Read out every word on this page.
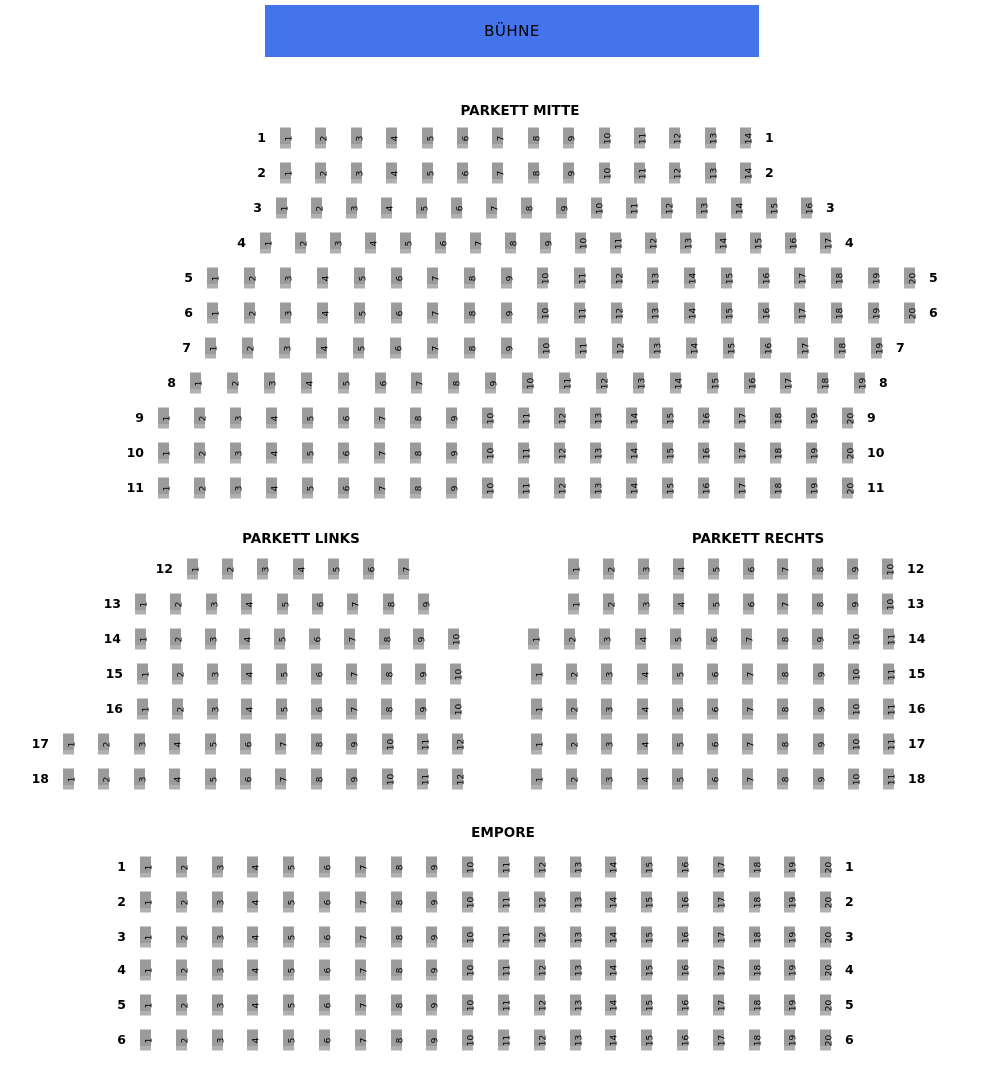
BÜHNE
PARKETT MITTE
1 1	2	3	4	5	6	7	8	9	10	11	12	13	14 1
2 1	2	3	4	5	6	7	8	9	10	11	12	13	14 2
3 1	2	3	4	5	6	7	8	9	10	11	12	13	14	15	16 3
4 1	2	3	4	5	6	7	8	9	10	11	12	13	14	15	16	17 4
5 1	2	3	4	5	6	7	8	9	10	11	12	13	14	15	16	17	18	19	20 5
6 1	2	3	4	5	6	7	8	9	10	11	12	13	14	15	16	17	18	19	20 6
7 1	2	3	4	5	6	7	8	9	10	11	12	13	14	15	16	17	18	19 7
8 1	2	3	4	5	6	7	8	9	10	11	12	13	14	15	16	17	18	19 8
9 1	2	3	4	5	6	7	8	9	10	11	12	13	14	15	16	17	18	19	20 9
10 1	2	3	4	5	6	7	8	9	10	11	12	13	14	15	16	17	18	19	20 10
11 1	2	3	4	5	6	7	8	9	10	11	12	13	14	15	16	17	18	19	20 11
PARKETT LINKS
12 1	2	3	4	5	6	7
13 1	2	3	4	5	6	7	8	9
14 1	2	3	4	5	6	7	8	9	10
15 1	2	3	4	5	6	7	8	9	10
16 1	2	3	4	5	6	7	8	9	10
17 1	2	3	4	5	6	7	8	9	10	11	12
18 1	2	3	4	5	6	7	8	9	10	11	12
PARKETT RECHTS
1	2	3	4	5	6	7	8	9	10 12
1	2	3	4	5	6	7	8	9	10 13
1	2	3	4	5	6	7	8	9	10	11 14
1	2	3	4	5	6	7	8	9	10	11 15
1	2	3	4	5	6	7	8	9	10	11 16
1	2	3	4	5	6	7	8	9	10	11 17
1	2	3	4	5	6	7	8	9	10	11 18
EMPORE
1 1	2	3	4	5	6	7	8	9	10	11	12	13	14	15	16	17	18	19	20 1
2 1	2	3	4	5	6	7	8	9	10	11	12	13	14	15	16	17	18	19	20 2
3 1	2	3	4	5	6	7	8	9	10	11	12	13	14	15	16	17	18	19	20 3
4 1	2	3	4	5	6	7	8	9	10	11	12	13	14	15	16	17	18	19	20 4
5 1	2	3	4	5	6	7	8	9	10	11	12	13	14	15	16	17	18	19	20 5
6 1	2	3	4	5	6	7	8	9	10	11	12	13	14	15	16	17	18	19	20 6
